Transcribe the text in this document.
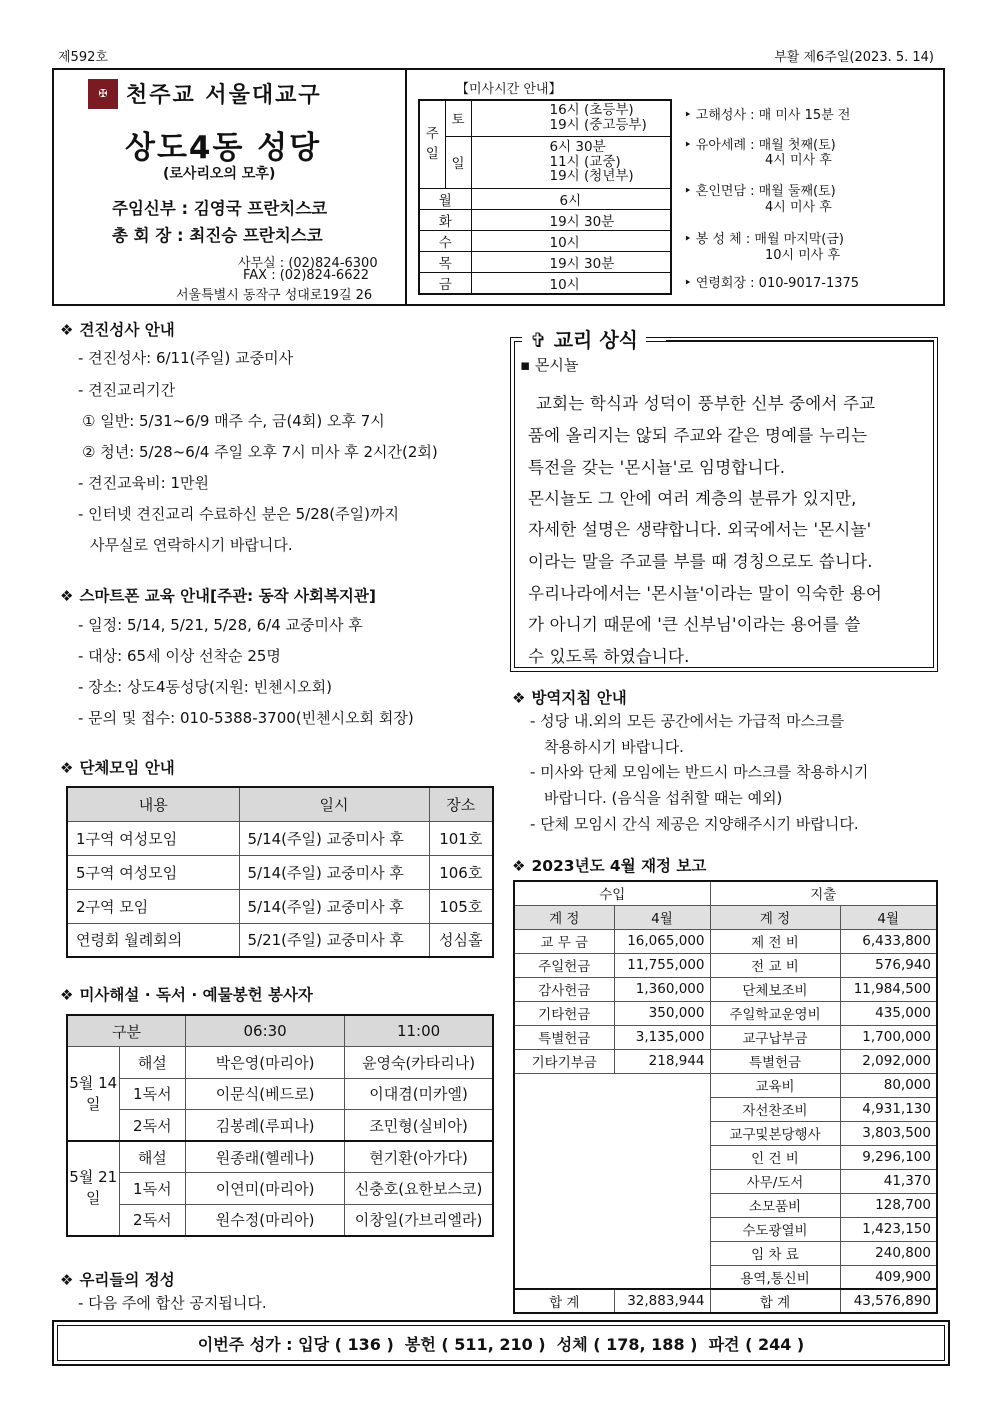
제592호	부활 제6주일(2023. 5. 14)
✠ 천주교 서울대교구
상도4동 성당
(로사리오의 모후)
주임신부 : 김영국 프란치스코
총 회 장 : 최진승 프란치스코
사무실 : (02)824-6300
FAX : (02)824-6622
서울특별시 동작구 성대로19길 26
【미사시간 안내】
주일	토	16시 (초등부)
19시 (중고등부)

	일	6시 30분
11시 (교중)
19시 (청년부)

월		6시
화		19시 30분
수		10시
목		19시 30분
금		10시
‣ 고해성사 : 매 미사 15분 전
‣ 유아세례 : 매월 첫째(토)
4시 미사 후
‣ 혼인면담 : 매월 둘째(토)
4시 미사 후
‣ 봉 성 체 : 매월 마지막(금)
10시 미사 후
‣ 연령회장 : 010-9017-1375
❖ 견진성사 안내
- 견진성사: 6/11(주일) 교중미사
- 견진교리기간
① 일반: 5/31~6/9 매주 수, 금(4회) 오후 7시
② 청년: 5/28~6/4 주일 오후 7시 미사 후 2시간(2회)
- 견진교육비: 1만원
- 인터넷 견진교리 수료하신 분은 5/28(주일)까지
사무실로 연락하시기 바랍니다.
❖ 스마트폰 교육 안내[주관: 동작 사회복지관]
- 일정: 5/14, 5/21, 5/28, 6/4 교중미사 후
- 대상: 65세 이상 선착순 25명
- 장소: 상도4동성당(지원: 빈첸시오회)
- 문의 및 접수: 010-5388-3700(빈첸시오회 회장)
❖ 단체모임 안내
내용	일시	장소
1구역 여성모임	5/14(주일) 교중미사 후	101호
5구역 여성모임	5/14(주일) 교중미사 후	106호
2구역 모임	5/14(주일) 교중미사 후	105호
연령회 월례회의	5/21(주일) 교중미사 후	성심홀
❖ 미사해설 · 독서 · 예물봉헌 봉사자
구분		06:30	11:00
5월 14일	해설	박은영(마리아)	윤영숙(카타리나)
	1독서	이문식(베드로)	이대겸(미카엘)
	2독서	김봉례(루피나)	조민형(실비아)
5월 21일	해설	원종래(헬레나)	현기환(아가다)
	1독서	이연미(마리아)	신충호(요한보스코)
	2독서	원수정(마리아)	이창일(가브리엘라)
❖ 우리들의 정성
- 다음 주에 합산 공지됩니다.
✞ 교리 상식
▪ 몬시뇰
교회는 학식과 성덕이 풍부한 신부 중에서 주교
품에 올리지는 않되 주교와 같은 명예를 누리는
특전을 갖는 '몬시뇰'로 임명합니다.
몬시뇰도 그 안에 여러 계층의 분류가 있지만,
자세한 설명은 생략합니다. 외국에서는 '몬시뇰'
이라는 말을 주교를 부를 때 경칭으로도 씁니다.
우리나라에서는 '몬시뇰'이라는 말이 익숙한 용어
가 아니기 때문에 '큰 신부님'이라는 용어를 쓸
수 있도록 하였습니다.
❖ 방역지침 안내
- 성당 내.외의 모든 공간에서는 가급적 마스크를
착용하시기 바랍니다.
- 미사와 단체 모임에는 반드시 마스크를 착용하시기
바랍니다. (음식을 섭취할 때는 예외)
- 단체 모임시 간식 제공은 지양해주시기 바랍니다.
❖ 2023년도 4월 재정 보고
수입		지출	
계 정	4월	계 정	4월
교 무 금	16,065,000	제 전 비	6,433,800
주일헌금	11,755,000	전 교 비	576,940
감사헌금	1,360,000	단체보조비	11,984,500
기타헌금	350,000	주일학교운영비	435,000
특별헌금	3,135,000	교구납부금	1,700,000
기타기부금	218,944	특별헌금	2,092,000
		교육비	80,000
		자선찬조비	4,931,130
		교구및본당행사	3,803,500
		인 건 비	9,296,100
		사무/도서	41,370
		소모품비	128,700
		수도광열비	1,423,150
		임 차 료	240,800
		용역,통신비	409,900
합 계	32,883,944	합 계	43,576,890
이번주 성가 : 입당 ( 136 )  봉헌 ( 511, 210 )  성체 ( 178, 188 )  파견 ( 244 )
